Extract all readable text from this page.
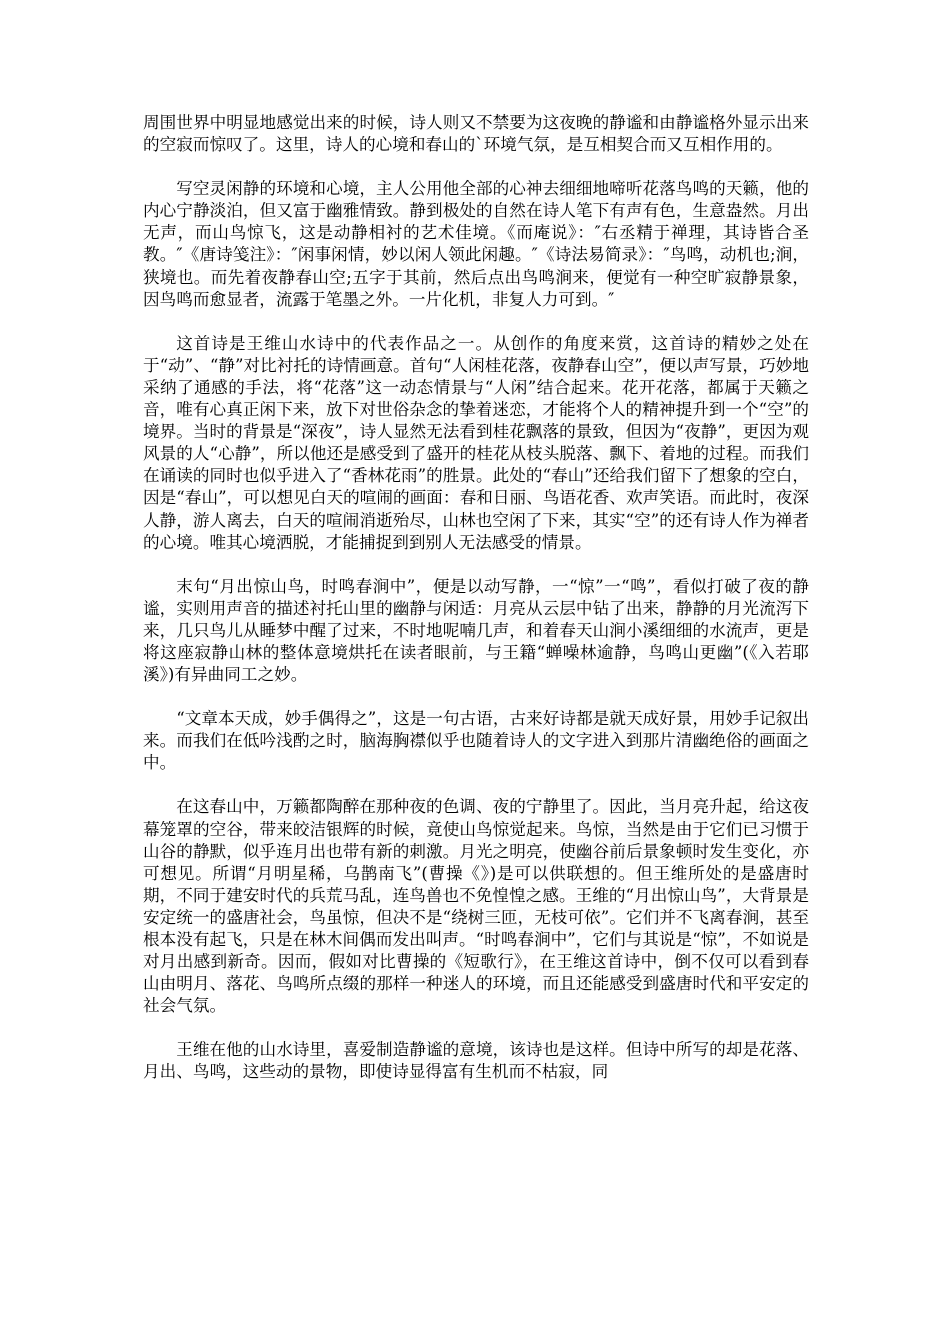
周围世界中明显地感觉出来的时候，诗人则又不禁要为这夜晚的静谧和由静谧格外显示出来的空寂而惊叹了。这里，诗人的心境和春山的`环境气氛，是互相契合而又互相作用的。

写空灵闲静的环境和心境，主人公用他全部的心神去细细地啼听花落鸟鸣的天籁，他的内心宁静淡泊，但又富于幽雅情致。静到极处的自然在诗人笔下有声有色，生意盎然。月出无声，而山鸟惊飞，这是动静相衬的艺术佳境。《而庵说》：″右丞精于禅理，其诗皆合圣教。″《唐诗笺注》：″闲事闲情，妙以闲人领此闲趣。″《诗法易简录》：″鸟鸣，动机也;涧，狭境也。而先着夜静春山空;五字于其前，然后点出鸟鸣涧来，便觉有一种空旷寂静景象，因鸟鸣而愈显者，流露于笔墨之外。一片化机，非复人力可到。″

这首诗是王维山水诗中的代表作品之一。从创作的角度来赏，这首诗的精妙之处在于“动”、“静”对比衬托的诗情画意。首句“人闲桂花落，夜静春山空”，便以声写景，巧妙地采纳了通感的手法，将“花落”这一动态情景与“人闲”结合起来。花开花落，都属于天籁之音，唯有心真正闲下来，放下对世俗杂念的挚着迷恋，才能将个人的精神提升到一个“空”的境界。当时的背景是“深夜”，诗人显然无法看到桂花飘落的景致，但因为“夜静”，更因为观风景的人“心静”，所以他还是感受到了盛开的桂花从枝头脱落、飘下、着地的过程。而我们在诵读的同时也似乎进入了“香林花雨”的胜景。此处的“春山”还给我们留下了想象的空白，因是“春山”，可以想见白天的喧闹的画面：春和日丽、鸟语花香、欢声笑语。而此时，夜深人静，游人离去，白天的喧闹消逝殆尽，山林也空闲了下来，其实“空”的还有诗人作为禅者的心境。唯其心境洒脱，才能捕捉到到别人无法感受的情景。

末句“月出惊山鸟，时鸣春涧中”，便是以动写静，一“惊”一“鸣”，看似打破了夜的静谧，实则用声音的描述衬托山里的幽静与闲适：月亮从云层中钻了出来，静静的月光流泻下来，几只鸟儿从睡梦中醒了过来，不时地呢喃几声，和着春天山涧小溪细细的水流声，更是将这座寂静山林的整体意境烘托在读者眼前，与王籍“蝉噪林逾静，鸟鸣山更幽”(《入若耶溪》)有异曲同工之妙。

“文章本天成，妙手偶得之”，这是一句古语，古来好诗都是就天成好景，用妙手记叙出来。而我们在低吟浅酌之时，脑海胸襟似乎也随着诗人的文字进入到那片清幽绝俗的画面之中。

在这春山中，万籁都陶醉在那种夜的色调、夜的宁静里了。因此，当月亮升起，给这夜幕笼罩的空谷，带来皎洁银辉的时候，竟使山鸟惊觉起来。鸟惊，当然是由于它们已习惯于山谷的静默，似乎连月出也带有新的刺激。月光之明亮，使幽谷前后景象顿时发生变化，亦可想见。所谓“月明星稀，乌鹊南飞”(曹操《》)是可以供联想的。但王维所处的是盛唐时期，不同于建安时代的兵荒马乱，连鸟兽也不免惶惶之感。王维的“月出惊山鸟”，大背景是安定统一的盛唐社会，鸟虽惊，但决不是“绕树三匝，无枝可依”。它们并不飞离春涧，甚至根本没有起飞，只是在林木间偶而发出叫声。“时鸣春涧中”，它们与其说是“惊”，不如说是对月出感到新奇。因而，假如对比曹操的《短歌行》，在王维这首诗中，倒不仅可以看到春山由明月、落花、鸟鸣所点缀的那样一种迷人的环境，而且还能感受到盛唐时代和平安定的社会气氛。

王维在他的山水诗里，喜爱制造静谧的意境，该诗也是这样。但诗中所写的却是花落、月出、鸟鸣，这些动的景物，即使诗显得富有生机而不枯寂，同
